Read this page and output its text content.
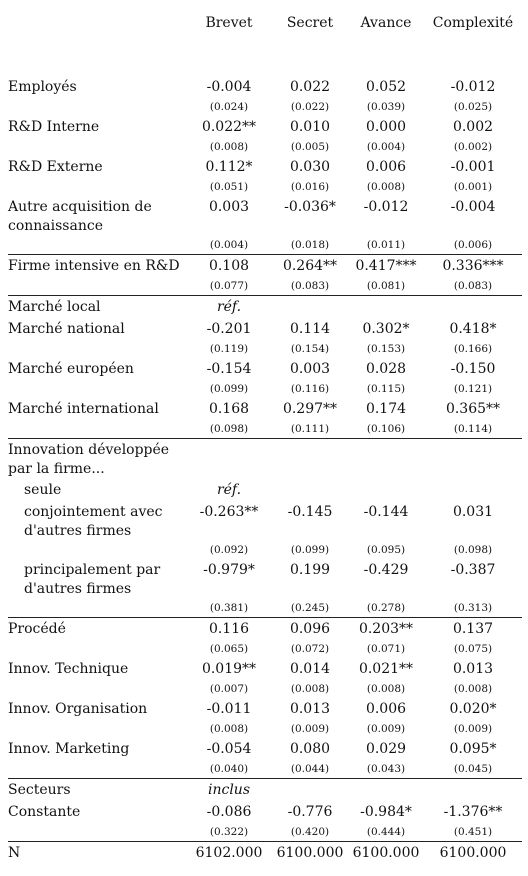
	Brevet	Secret	Avance	Complexité

Employés	-0.004	0.022	0.052	-0.012
	(0.024)	(0.022)	(0.039)	(0.025)
R&D Interne	0.022**	0.010	0.000	0.002
	(0.008)	(0.005)	(0.004)	(0.002)
R&D Externe	0.112*	0.030	0.006	-0.001
	(0.051)	(0.016)	(0.008)	(0.001)
Autre acquisition de connaissance	0.003	-0.036*	-0.012	-0.004
	(0.004)	(0.018)	(0.011)	(0.006)
Firme intensive en R&D	0.108	0.264**	0.417***	0.336***
	(0.077)	(0.083)	(0.081)	(0.083)
Marché local	réf.			
Marché national	-0.201	0.114	0.302*	0.418*
	(0.119)	(0.154)	(0.153)	(0.166)
Marché européen	-0.154	0.003	0.028	-0.150
	(0.099)	(0.116)	(0.115)	(0.121)
Marché international	0.168	0.297**	0.174	0.365**
	(0.098)	(0.111)	(0.106)	(0.114)
Innovation développée par la firme...				
seule	réf.			
conjointement avec d'autres firmes	-0.263**	-0.145	-0.144	0.031
	(0.092)	(0.099)	(0.095)	(0.098)
principalement par d'autres firmes	-0.979*	0.199	-0.429	-0.387
	(0.381)	(0.245)	(0.278)	(0.313)
Procédé	0.116	0.096	0.203**	0.137
	(0.065)	(0.072)	(0.071)	(0.075)
Innov. Technique	0.019**	0.014	0.021**	0.013
	(0.007)	(0.008)	(0.008)	(0.008)
Innov. Organisation	-0.011	0.013	0.006	0.020*
	(0.008)	(0.009)	(0.009)	(0.009)
Innov. Marketing	-0.054	0.080	0.029	0.095*
	(0.040)	(0.044)	(0.043)	(0.045)
Secteurs	inclus			
Constante	-0.086	-0.776	-0.984*	-1.376**
	(0.322)	(0.420)	(0.444)	(0.451)
N	6102.000	6100.000	6100.000	6100.000
